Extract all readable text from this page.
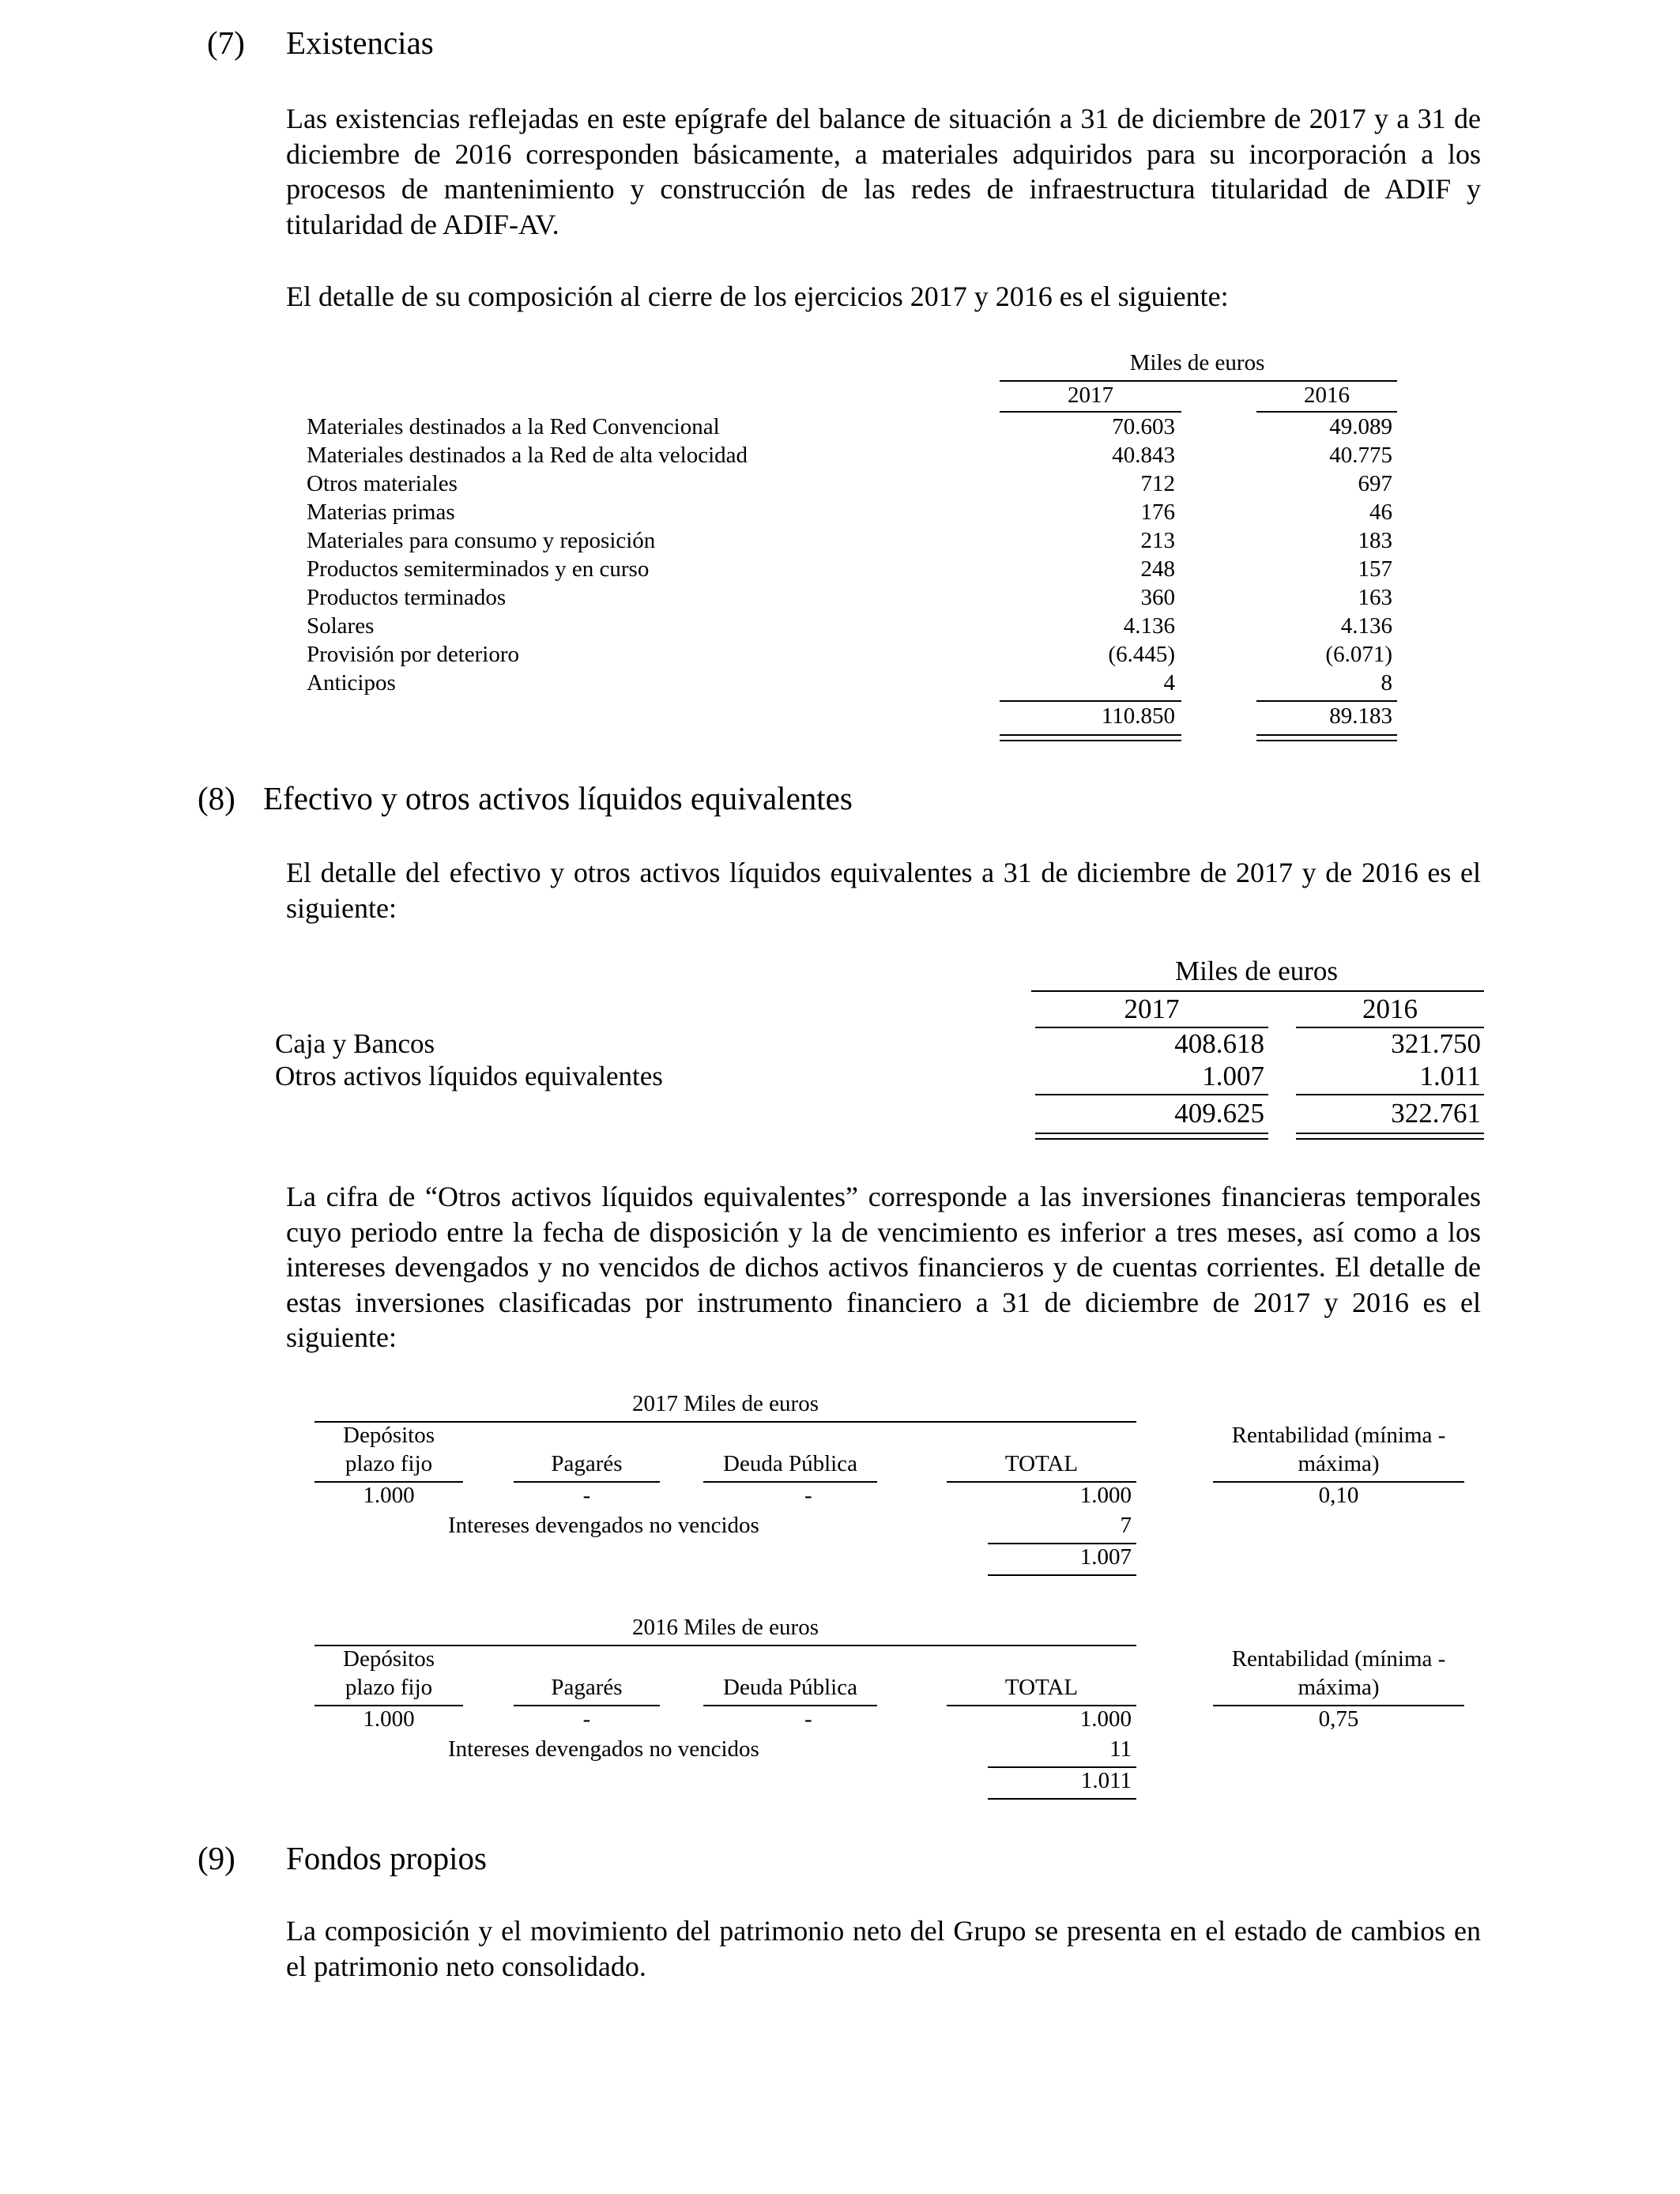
(7) Existencias
Las existencias reflejadas en este epígrafe del balance de situación a 31 de diciembre de 2017 y a 31 de diciembre de 2016 corresponden básicamente, a materiales adquiridos para su incorporación a los procesos de mantenimiento y construcción de las redes de infraestructura titularidad de ADIF y titularidad de ADIF-AV.
El detalle de su composición al cierre de los ejercicios 2017 y 2016 es el siguiente:
Miles de euros
2017	2016
Materiales destinados a la Red Convencional	70.603	49.089
Materiales destinados a la Red de alta velocidad	40.843	40.775
Otros materiales	712	697
Materias primas	176	46
Materiales para consumo y reposición	213	183
Productos semiterminados y en curso	248	157
Productos terminados	360	163
Solares	4.136	4.136
Provisión por deterioro	(6.445)	(6.071)
Anticipos	4	8
110.850	89.183
(8) Efectivo y otros activos líquidos equivalentes
El detalle del efectivo y otros activos líquidos equivalentes a 31 de diciembre de 2017 y de 2016 es el siguiente:
Miles de euros
2017	2016
Caja y Bancos	408.618	321.750
Otros activos líquidos equivalentes	1.007	1.011
409.625	322.761
La cifra de “Otros activos líquidos equivalentes” corresponde a las inversiones financieras temporales cuyo periodo entre la fecha de disposición y la de vencimiento es inferior a tres meses, así como a los intereses devengados y no vencidos de dichos activos financieros y de cuentas corrientes. El detalle de estas inversiones clasificadas por instrumento financiero a 31 de diciembre de 2017 y 2016 es el siguiente:
2017 Miles de euros
Depósitos
plazo fijo	Pagarés	Deuda Pública	TOTAL
Rentabilidad (mínima -
máxima)
1.000	-	-	1.000	0,10
Intereses devengados no vencidos	7
1.007
2016 Miles de euros
Depósitos
plazo fijo	Pagarés	Deuda Pública	TOTAL
Rentabilidad (mínima -
máxima)
1.000	-	-	1.000	0,75
Intereses devengados no vencidos	11
1.011
(9) Fondos propios
La composición y el movimiento del patrimonio neto del Grupo se presenta en el estado de cambios en el patrimonio neto consolidado.
